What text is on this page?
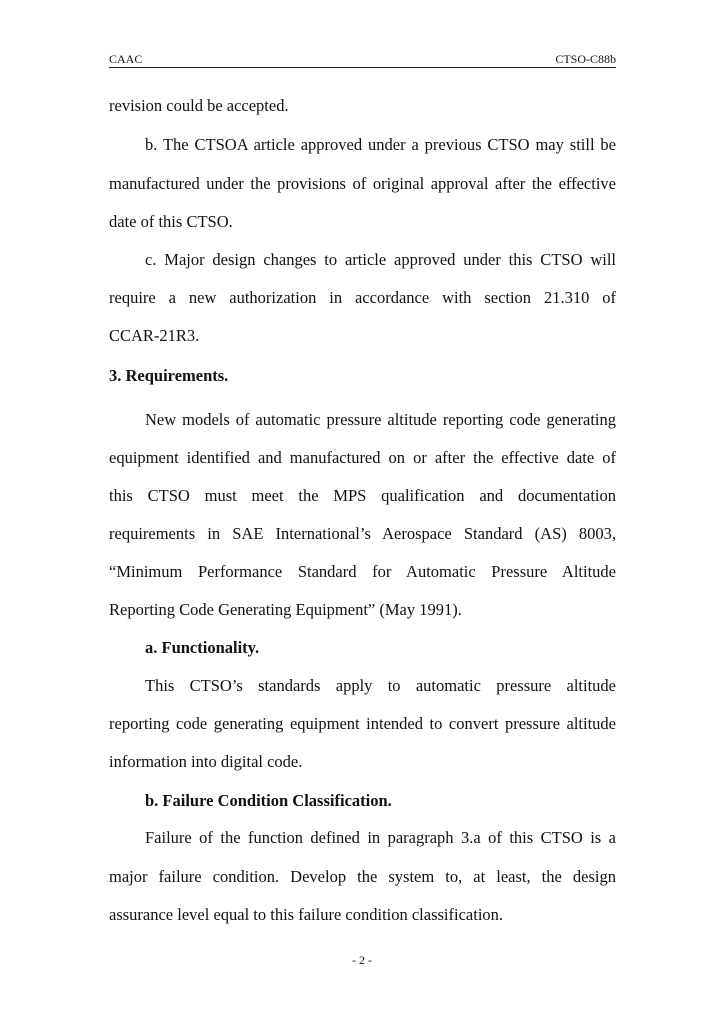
CAAC	CTSO-C88b
revision could be accepted.
b. The CTSOA article approved under a previous CTSO may still be
manufactured under the provisions of original approval after the effective
date of this CTSO.
c. Major design changes to article approved under this CTSO will
require a new authorization in accordance with section 21.310 of
CCAR-21R3.
3. Requirements.
New models of automatic pressure altitude reporting code generating
equipment identified and manufactured on or after the effective date of
this CTSO must meet the MPS qualification and documentation
requirements in SAE International’s Aerospace Standard (AS) 8003,
“Minimum Performance Standard for Automatic Pressure Altitude
Reporting Code Generating Equipment” (May 1991).
a. Functionality.
This CTSO’s standards apply to automatic pressure altitude
reporting code generating equipment intended to convert pressure altitude
information into digital code.
b. Failure Condition Classification.
Failure of the function defined in paragraph 3.a of this CTSO is a
major failure condition. Develop the system to, at least, the design
assurance level equal to this failure condition classification.
- 2 -
